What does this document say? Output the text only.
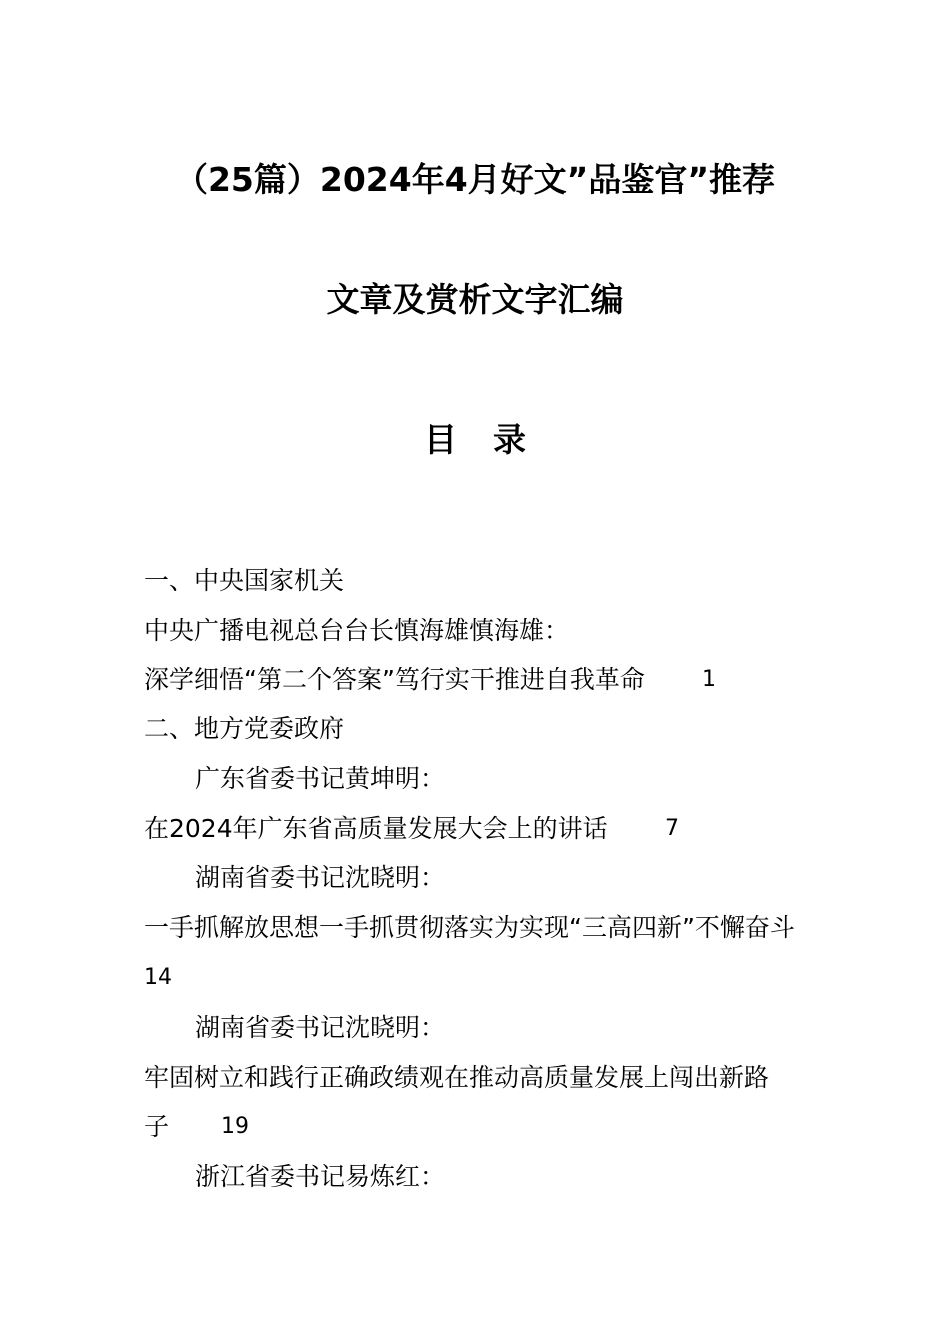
（25篇）2024年4月好文”品鉴官”推荐
文章及赏析文字汇编
目录
一、中央国家机关
中央广播电视总台台长慎海雄慎海雄：
深学细悟“第二个答案”笃行实干推进自我革命	1
二、地方党委政府
广东省委书记黄坤明：
在2024年广东省高质量发展大会上的讲话	7
湖南省委书记沈晓明：
一手抓解放思想一手抓贯彻落实为实现“三高四新”不懈奋斗
14
湖南省委书记沈晓明：
牢固树立和践行正确政绩观在推动高质量发展上闯出新路
子 19
浙江省委书记易炼红：
